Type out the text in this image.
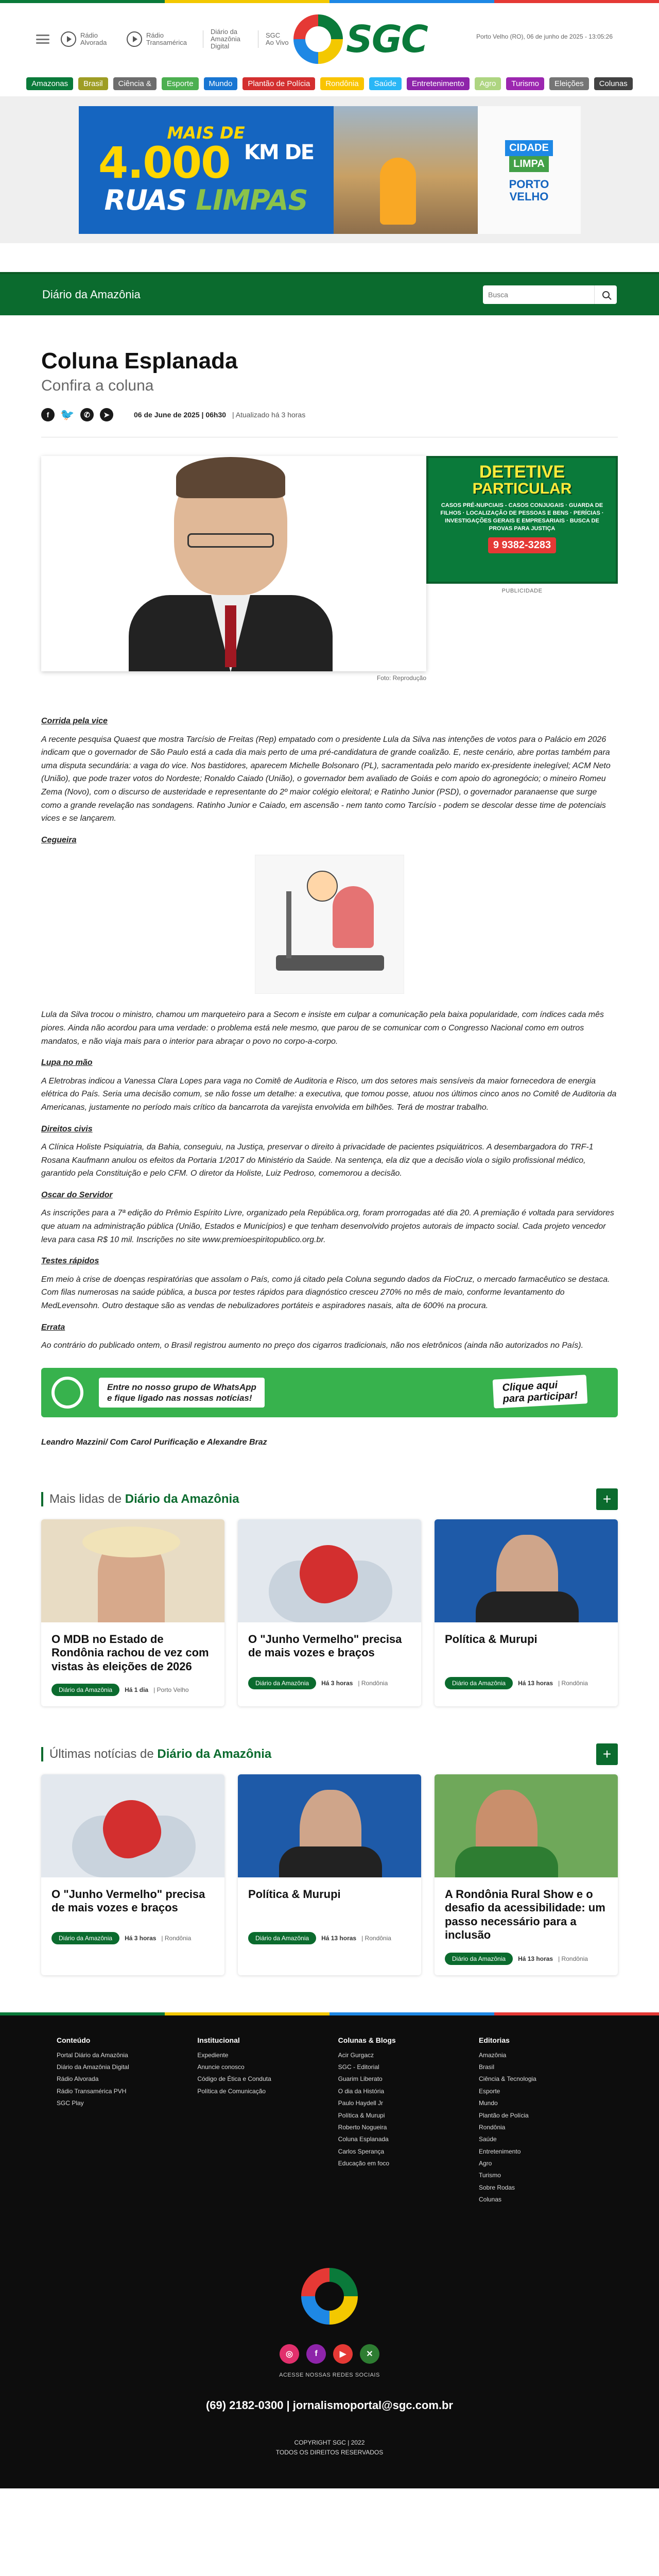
Rádio
Alvorada
Rádio
Transamérica
Diário da
Amazônia
Digital
SGC
Ao Vivo SGC	Porto Velho (RO), 06 de junho de 2025 - 13:05:26
Amazonas	Brasil	Ciência &	Esporte	Mundo	Plantão de Polícia	Rondônia	Saúde	Entretenimento	Agro	Turismo	Eleições	Colunas
MAIS DE
4.000 $^{KM DE}$
RUAS LIMPAS
CIDADE
LIMPA
PORTO
VELHO
Diário da Amazônia
Busca
Coluna Esplanada
Confira a coluna
f 🐦	✆	➤	06 de June de 2025 | 06h30 | Atualizado há 3 horas
Foto: Reprodução
DETETIVE
PARTICULAR
CASOS PRÉ-NUPCIAIS - CASOS CONJUGAIS · GUARDA DE FILHOS · LOCALIZAÇÃO DE PESSOAS E BENS · PERÍCIAS · INVESTIGAÇÕES GERAIS E EMPRESARIAIS · BUSCA DE PROVAS PARA JUSTIÇA
9 9382-3283
PUBLICIDADE
Corrida pela vice

A recente pesquisa Quaest que mostra Tarcísio de Freitas (Rep) empatado com o presidente Lula da Silva nas intenções de votos para o Palácio em 2026 indicam que o governador de São Paulo está a cada dia mais perto de uma pré-candidatura de grande coalizão. E, neste cenário, abre portas também para uma disputa secundária: a vaga do vice. Nos bastidores, aparecem Michelle Bolsonaro (PL), sacramentada pelo marido ex-presidente inelegível; ACM Neto (União), que pode trazer votos do Nordeste; Ronaldo Caiado (União), o governador bem avaliado de Goiás e com apoio do agronegócio; o mineiro Romeu Zema (Novo), com o discurso de austeridade e representante do 2º maior colégio eleitoral; e Ratinho Junior (PSD), o governador paranaense que surge como a grande revelação nas sondagens. Ratinho Junior e Caiado, em ascensão - nem tanto como Tarcísio - podem se descolar desse time de potenciais vices e se lançarem.

Cegueira

Lula da Silva trocou o ministro, chamou um marqueteiro para a Secom e insiste em culpar a comunicação pela baixa popularidade, com índices cada mês piores. Ainda não acordou para uma verdade: o problema está nele mesmo, que parou de se comunicar com o Congresso Nacional como em outros mandatos, e não viaja mais para o interior para abraçar o povo no corpo-a-corpo.

Lupa no mão

A Eletrobras indicou a Vanessa Clara Lopes para vaga no Comitê de Auditoria e Risco, um dos setores mais sensíveis da maior fornecedora de energia elétrica do País. Seria uma decisão comum, se não fosse um detalhe: a executiva, que tomou posse, atuou nos últimos cinco anos no Comitê de Auditoria da Americanas, justamente no período mais crítico da bancarrota da varejista envolvida em bilhões. Terá de mostrar trabalho.

Direitos civis

A Clínica Holiste Psiquiatria, da Bahia, conseguiu, na Justiça, preservar o direito à privacidade de pacientes psiquiátricos. A desembargadora do TRF-1 Rosana Kaufmann anulou os efeitos da Portaria 1/2017 do Ministério da Saúde. Na sentença, ela diz que a decisão viola o sigilo profissional médico, garantido pela Constituição e pelo CFM. O diretor da Holiste, Luiz Pedroso, comemorou a decisão.

Oscar do Servidor

As inscrições para a 7ª edição do Prêmio Espírito Livre, organizado pela República.org, foram prorrogadas até dia 20. A premiação é voltada para servidores que atuam na administração pública (União, Estados e Municípios) e que tenham desenvolvido projetos autorais de impacto social. Cada projeto vencedor leva para casa R$ 10 mil. Inscrições no site www.premioespiritopublico.org.br.

Testes rápidos

Em meio à crise de doenças respiratórias que assolam o País, como já citado pela Coluna segundo dados da FioCruz, o mercado farmacêutico se destaca. Com filas numerosas na saúde pública, a busca por testes rápidos para diagnóstico cresceu 270% no mês de maio, conforme levantamento do MedLevensohn. Outro destaque são as vendas de nebulizadores portáteis e aspiradores nasais, alta de 600% na procura.

Errata

Ao contrário do publicado ontem, o Brasil registrou aumento no preço dos cigarros tradicionais, não nos eletrônicos (ainda não autorizados no País).

Entre no nosso grupo de WhatsApp
e fique ligado nas nossas notícias!
Clique aqui
para participar!
Leandro Mazzini/ Com Carol Purificação e Alexandre Braz
Mais lidas de Diário da Amazônia	+
O MDB no Estado de Rondônia rachou de vez com vistas às eleições de 2026
Diário da Amazônia	Há 1 dia | Porto Velho
O "Junho Vermelho" precisa de mais vozes e braços
Diário da Amazônia	Há 3 horas | Rondônia
Política & Murupi
Diário da Amazônia	Há 13 horas | Rondônia
Últimas notícias de Diário da Amazônia	+
O "Junho Vermelho" precisa de mais vozes e braços
Diário da Amazônia	Há 3 horas | Rondônia
Política & Murupi
Diário da Amazônia	Há 13 horas | Rondônia
A Rondônia Rural Show e o desafio da acessibilidade: um passo necessário para a inclusão
Diário da Amazônia	Há 13 horas | Rondônia
Conteúdo
Portal Diário da Amazônia
Diário da Amazônia Digital
Rádio Alvorada
Rádio Transamérica PVH
SGC Play
Institucional
Expediente
Anuncie conosco
Código de Ética e Conduta
Política de Comunicação
Colunas & Blogs
Acir Gurgacz
SGC - Editorial
Guarim Liberato
O dia da História
Paulo Haydell Jr
Política & Murupi
Roberto Nogueira
Coluna Esplanada
Carlos Sperança
Educação em foco
Editorias
Amazônia
Brasil
Ciência & Tecnologia
Esporte
Mundo
Plantão de Polícia
Rondônia
Saúde
Entretenimento
Agro
Turismo
Sobre Rodas
Colunas
◎	f	▶	✕
ACESSE NOSSAS REDES SOCIAIS
(69) 2182-0300 | jornalismoportal@sgc.com.br
COPYRIGHT SGC | 2022
TODOS OS DIREITOS RESERVADOS
